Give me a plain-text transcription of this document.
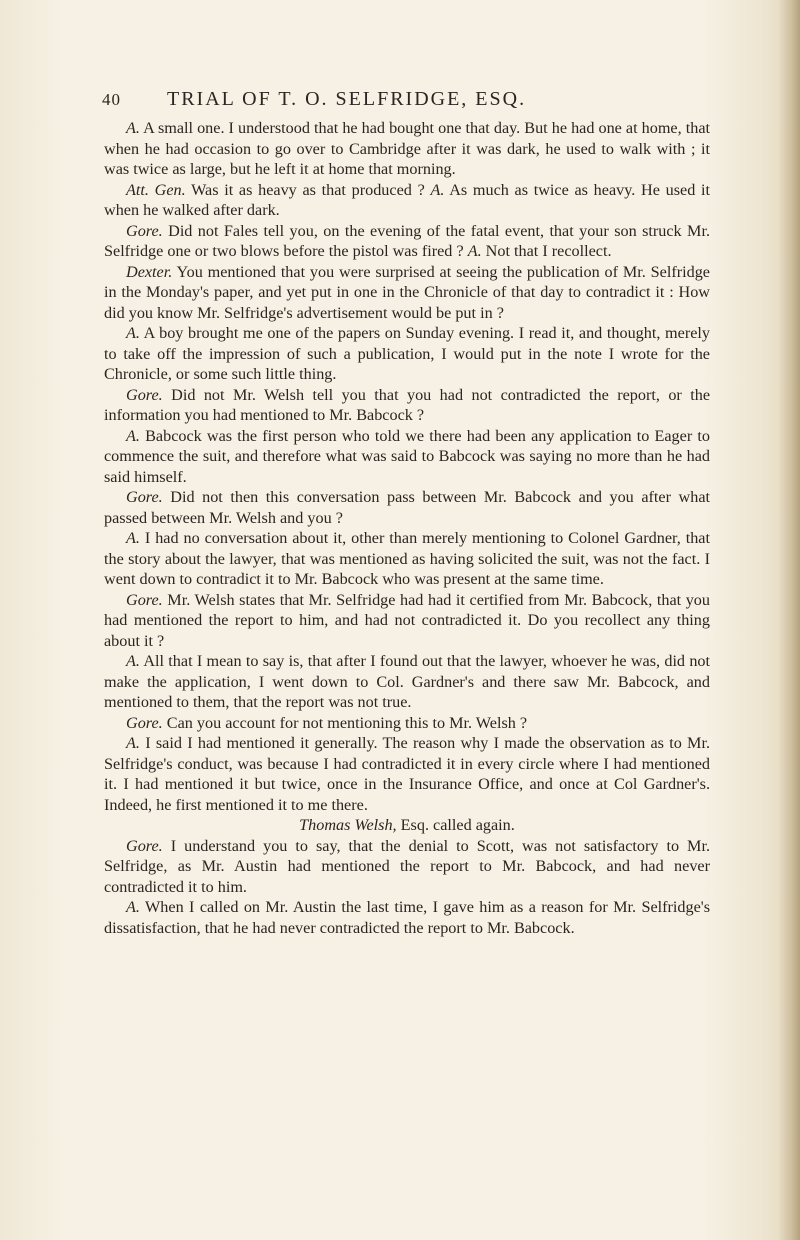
40 TRIAL OF T. O. SELFRIDGE, ESQ.

A. A small one. I understood that he had bought one that day. But he had one at home, that when he had occasion to go over to Cambridge after it was dark, he used to walk with ; it was twice as large, but he left it at home that morning.

Att. Gen. Was it as heavy as that produced ? A. As much as twice as heavy. He used it when he walked after dark.

Gore. Did not Fales tell you, on the evening of the fatal event, that your son struck Mr. Selfridge one or two blows before the pistol was fired ? A. Not that I recollect.

Dexter. You mentioned that you were surprised at seeing the publication of Mr. Selfridge in the Monday's paper, and yet put in one in the Chronicle of that day to contradict it : How did you know Mr. Selfridge's advertisement would be put in ?

A. A boy brought me one of the papers on Sunday evening. I read it, and thought, merely to take off the impression of such a publication, I would put in the note I wrote for the Chronicle, or some such little thing.

Gore. Did not Mr. Welsh tell you that you had not contradicted the report, or the information you had mentioned to Mr. Babcock ?

A. Babcock was the first person who told we there had been any application to Eager to commence the suit, and therefore what was said to Babcock was saying no more than he had said himself.

Gore. Did not then this conversation pass between Mr. Babcock and you after what passed between Mr. Welsh and you ?

A. I had no conversation about it, other than merely mentioning to Colonel Gardner, that the story about the lawyer, that was mentioned as having solicited the suit, was not the fact. I went down to contradict it to Mr. Babcock who was present at the same time.

Gore. Mr. Welsh states that Mr. Selfridge had had it certified from Mr. Babcock, that you had mentioned the report to him, and had not contradicted it. Do you recollect any thing about it ?

A. All that I mean to say is, that after I found out that the lawyer, whoever he was, did not make the application, I went down to Col. Gardner's and there saw Mr. Babcock, and mentioned to them, that the report was not true.

Gore. Can you account for not mentioning this to Mr. Welsh ?

A. I said I had mentioned it generally. The reason why I made the observation as to Mr. Selfridge's conduct, was because I had contradicted it in every circle where I had mentioned it. I had mentioned it but twice, once in the Insurance Office, and once at Col Gardner's. Indeed, he first mentioned it to me there.

Thomas Welsh, Esq. called again.

Gore. I understand you to say, that the denial to Scott, was not satisfactory to Mr. Selfridge, as Mr. Austin had mentioned the report to Mr. Babcock, and had never contradicted it to him.

A. When I called on Mr. Austin the last time, I gave him as a reason for Mr. Selfridge's dissatisfaction, that he had never contradicted the report to Mr. Babcock.
